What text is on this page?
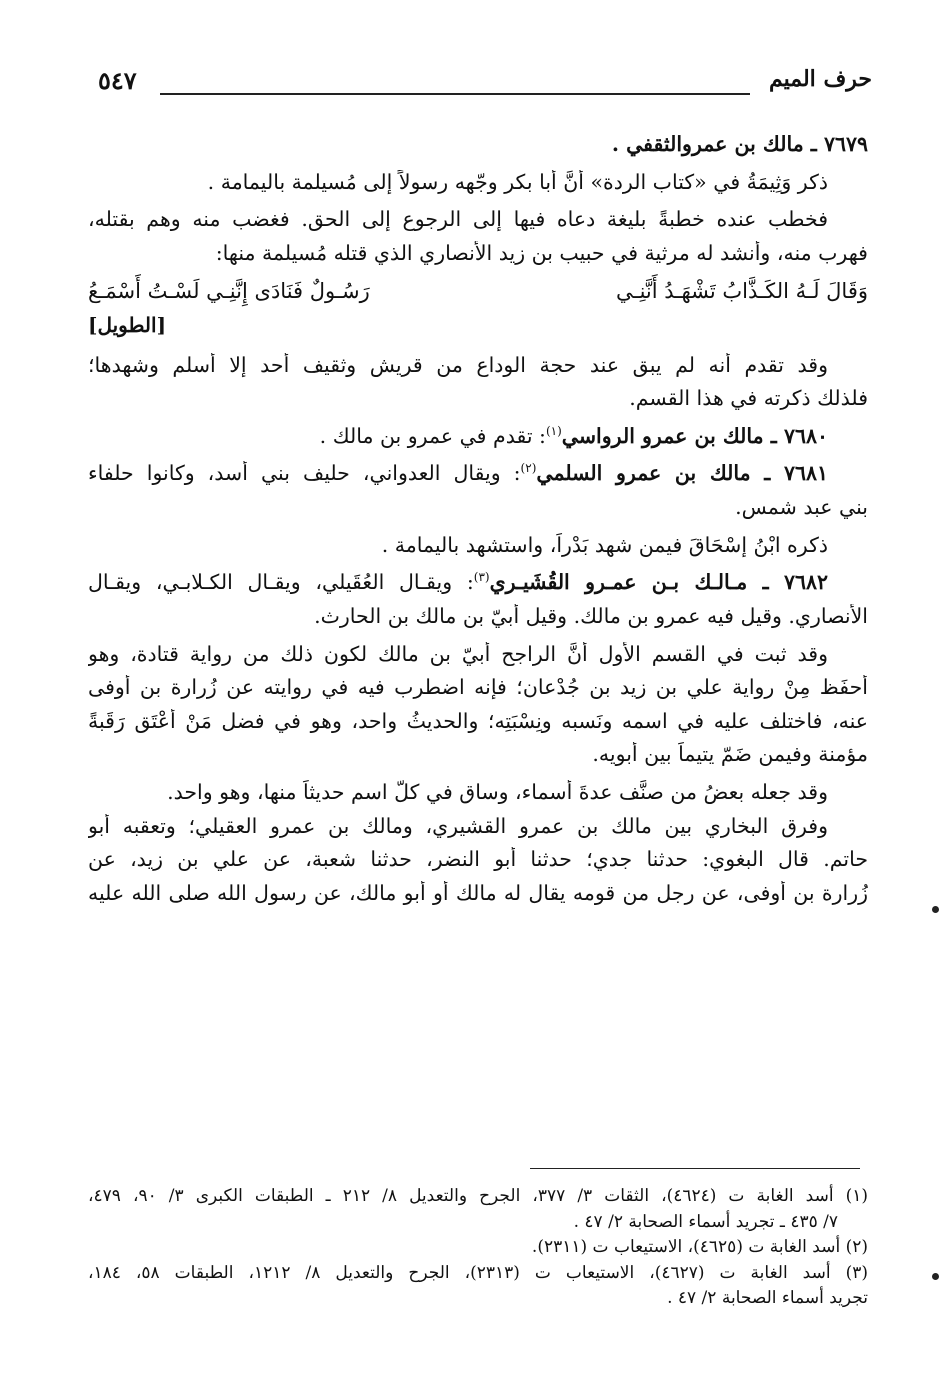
حرف الميم
٥٤٧
٧٦٧٩ ـ مالك بن عمروالثقفي .
ذكر وَثِيمَةُ في «كتاب الردة» أنَّ أبا بكر وجّهه رسولاً إلى مُسيلمة باليمامة .
فخطب عنده خطبةً بليغة دعاه فيها إلى الرجوع إلى الحق. فغضب منه وهم بقتله،
فهرب منه، وأنشد له مرثية في حبيب بن زيد الأنصاري الذي قتله مُسيلمة منها:
وَقَالَ لَـهُ الكَـذَّابُ تَشْهَـدُ أَنَّنِـي
رَسُـولٌ فَنَادَى إِنَّنِـي لَسْـتُ أَسْمَـعُ
[الطويل]
وقد تقدم أنه لم يبق عند حجة الوداع من قريش وثقيف أحد إلا أسلم وشهدها؛
فلذلك ذكرته في هذا القسم.
٧٦٨٠ ـ مالك بن عمرو الرواسي$^{(١)}$: تقدم في عمرو بن مالك .
٧٦٨١ ـ مالك بن عمرو السلمي$^{(٢)}$: ويقال العدواني، حليف بني أسد، وكانوا حلفاء
بني عبد شمس.
ذكره ابْنُ إِسْحَاقَ فيمن شهد بَدْراً، واستشهد باليمامة .
٧٦٨٢ ـ مـالـك بـن عمـرو القُشَيـري$^{(٣)}$: ويقـال العُقَيلي، ويقـال الكـلابـي، ويقـال
الأنصاري. وقيل فيه عمرو بن مالك. وقيل أبيّ بن مالك بن الحارث.
وقد ثبت في القسم الأول أنَّ الراجح أبيّ بن مالك لكون ذلك من رواية قتادة، وهو
أحفَظ مِنْ رواية علي بن زيد بن جُدْعان؛ فإنه اضطرب فيه في روايته عن زُرارة بن أوفى
عنه، فاختلف عليه في اسمه ونَسبه ونِسْبَتِه؛ والحديثُ واحد، وهو في فضل مَنْ أَعْتَق رَقَبةً
مؤمنة وفيمن ضَمّ يتيماً بين أبويه.
وقد جعله بعضُ من صنَّف عدةَ أسماء، وساق في كلّ اسم حديثاً منها، وهو واحد.
وفرق البخاري بين مالك بن عمرو القشيري، ومالك بن عمرو العقيلي؛ وتعقبه أبو
حاتم. قال البغوي: حدثنا جدي؛ حدثنا أبو النضر، حدثنا شعبة، عن علي بن زيد، عن
زُرارة بن أوفى، عن رجل من قومه يقال له مالك أو أبو مالك، عن رسول الله صلى الله عليه
(١) أسد الغابة ت (٤٦٢٤)، الثقات ٣/ ٣٧٧، الجرح والتعديل ٨/ ٢١٢ ـ الطبقات الكبرى ٣/ ٩٠، ٤٧٩،
٧/ ٤٣٥ ـ تجريد أسماء الصحابة ٢/ ٤٧ .
(٢) أسد الغابة ت (٤٦٢٥)، الاستيعاب ت (٢٣١١).
(٣) أسد الغابة ت (٤٦٢٧)، الاستيعاب ت (٢٣١٣)، الجرح والتعديل ٨/ ١٢١٢، الطبقات ٥٨، ١٨٤،
تجريد أسماء الصحابة ٢/ ٤٧ .
